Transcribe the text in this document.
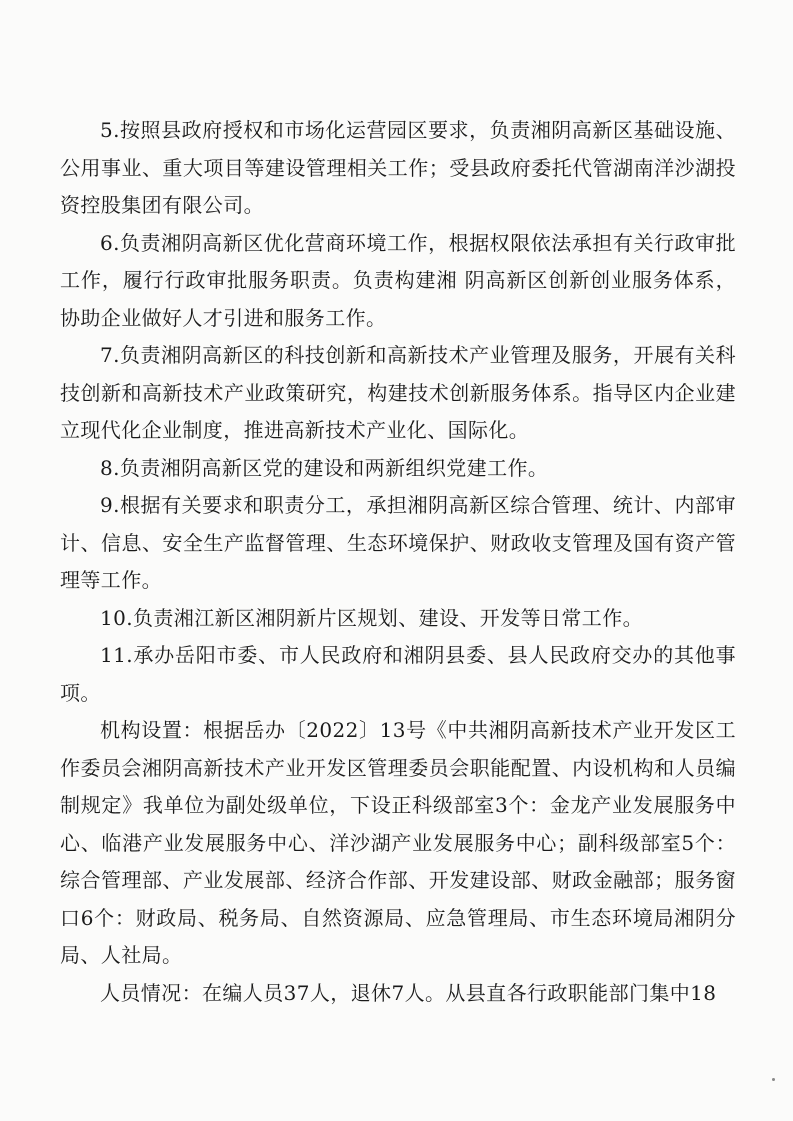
5.按照县政府授权和市场化运营园区要求，负责湘阴高新区基础设施、公用事业、重大项目等建设管理相关工作；受县政府委托代管湖南洋沙湖投资控股集团有限公司。

6.负责湘阴高新区优化营商环境工作，根据权限依法承担有关行政审批工作，履行行政审批服务职责。负责构建湘 阴高新区创新创业服务体系，协助企业做好人才引进和服务工作。

7.负责湘阴高新区的科技创新和高新技术产业管理及服务，开展有关科技创新和高新技术产业政策研究，构建技术创新服务体系。指导区内企业建立现代化企业制度，推进高新技术产业化、国际化。

8.负责湘阴高新区党的建设和两新组织党建工作。

9.根据有关要求和职责分工，承担湘阴高新区综合管理、统计、内部审计、信息、安全生产监督管理、生态环境保护、财政收支管理及国有资产管理等工作。

10.负责湘江新区湘阴新片区规划、建设、开发等日常工作。

11.承办岳阳市委、市人民政府和湘阴县委、县人民政府交办的其他事项。

机构设置：根据岳办〔2022〕13号《中共湘阴高新技术产业开发区工作委员会湘阴高新技术产业开发区管理委员会职能配置、内设机构和人员编制规定》我单位为副处级单位，下设正科级部室3个：金龙产业发展服务中心、临港产业发展服务中心、洋沙湖产业发展服务中心；副科级部室5个： 综合管理部、产业发展部、经济合作部、开发建设部、财政金融部；服务窗口6个：财政局、税务局、自然资源局、应急管理局、市生态环境局湘阴分局、人社局。

人员情况：在编人员37人，退休7人。从县直各行政职能部门集中18
